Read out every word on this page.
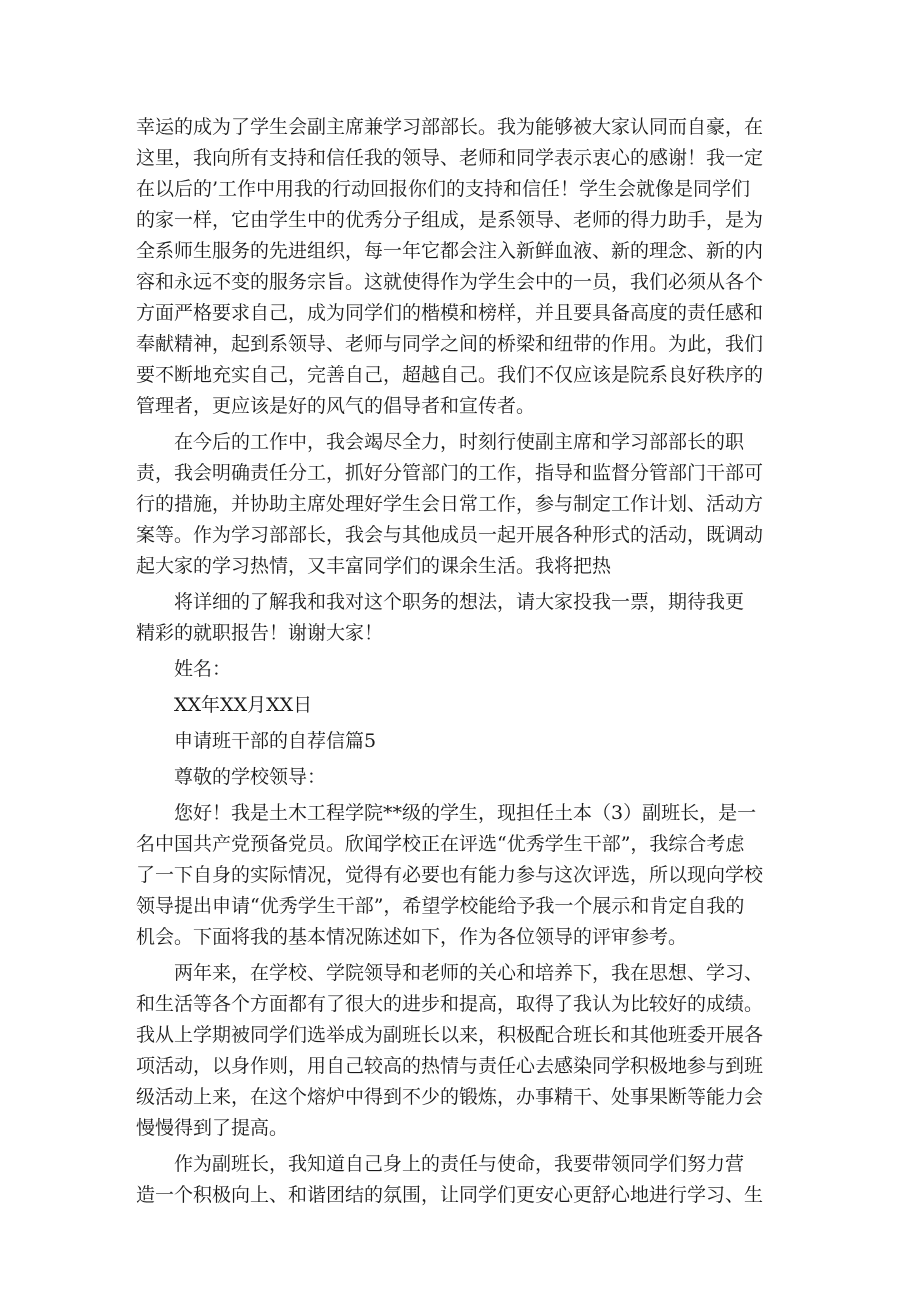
幸运的成为了学生会副主席兼学习部部长。我为能够被大家认同而自豪，在
这里，我向所有支持和信任我的领导、老师和同学表示衷心的感谢！我一定
在以后的’工作中用我的行动回报你们的支持和信任！学生会就像是同学们
的家一样，它由学生中的优秀分子组成，是系领导、老师的得力助手，是为
全系师生服务的先进组织，每一年它都会注入新鲜血液、新的理念、新的内
容和永远不变的服务宗旨。这就使得作为学生会中的一员，我们必须从各个
方面严格要求自己，成为同学们的楷模和榜样，并且要具备高度的责任感和
奉献精神，起到系领导、老师与同学之间的桥梁和纽带的作用。为此，我们
要不断地充实自己，完善自己，超越自己。我们不仅应该是院系良好秩序的
管理者，更应该是好的风气的倡导者和宣传者。

在今后的工作中，我会竭尽全力，时刻行使副主席和学习部部长的职
责，我会明确责任分工，抓好分管部门的工作，指导和监督分管部门干部可
行的措施，并协助主席处理好学生会日常工作，参与制定工作计划、活动方
案等。作为学习部部长，我会与其他成员一起开展各种形式的活动，既调动
起大家的学习热情，又丰富同学们的课余生活。我将把热

将详细的了解我和我对这个职务的想法，请大家投我一票，期待我更
精彩的就职报告！谢谢大家！

姓名：

XX年XX月XX日

申请班干部的自荐信篇5

尊敬的学校领导：

您好！我是土木工程学院**级的学生，现担任土本（3）副班长，是一
名中国共产党预备党员。欣闻学校正在评选“优秀学生干部”，我综合考虑
了一下自身的实际情况，觉得有必要也有能力参与这次评选，所以现向学校
领导提出申请“优秀学生干部”，希望学校能给予我一个展示和肯定自我的
机会。下面将我的基本情况陈述如下，作为各位领导的评审参考。

两年来，在学校、学院领导和老师的关心和培养下，我在思想、学习、
和生活等各个方面都有了很大的进步和提高，取得了我认为比较好的成绩。
我从上学期被同学们选举成为副班长以来，积极配合班长和其他班委开展各
项活动，以身作则，用自己较高的热情与责任心去感染同学积极地参与到班
级活动上来，在这个熔炉中得到不少的锻炼，办事精干、处事果断等能力会
慢慢得到了提高。

作为副班长，我知道自己身上的责任与使命，我要带领同学们努力营
造一个积极向上、和谐团结的氛围，让同学们更安心更舒心地进行学习、生
